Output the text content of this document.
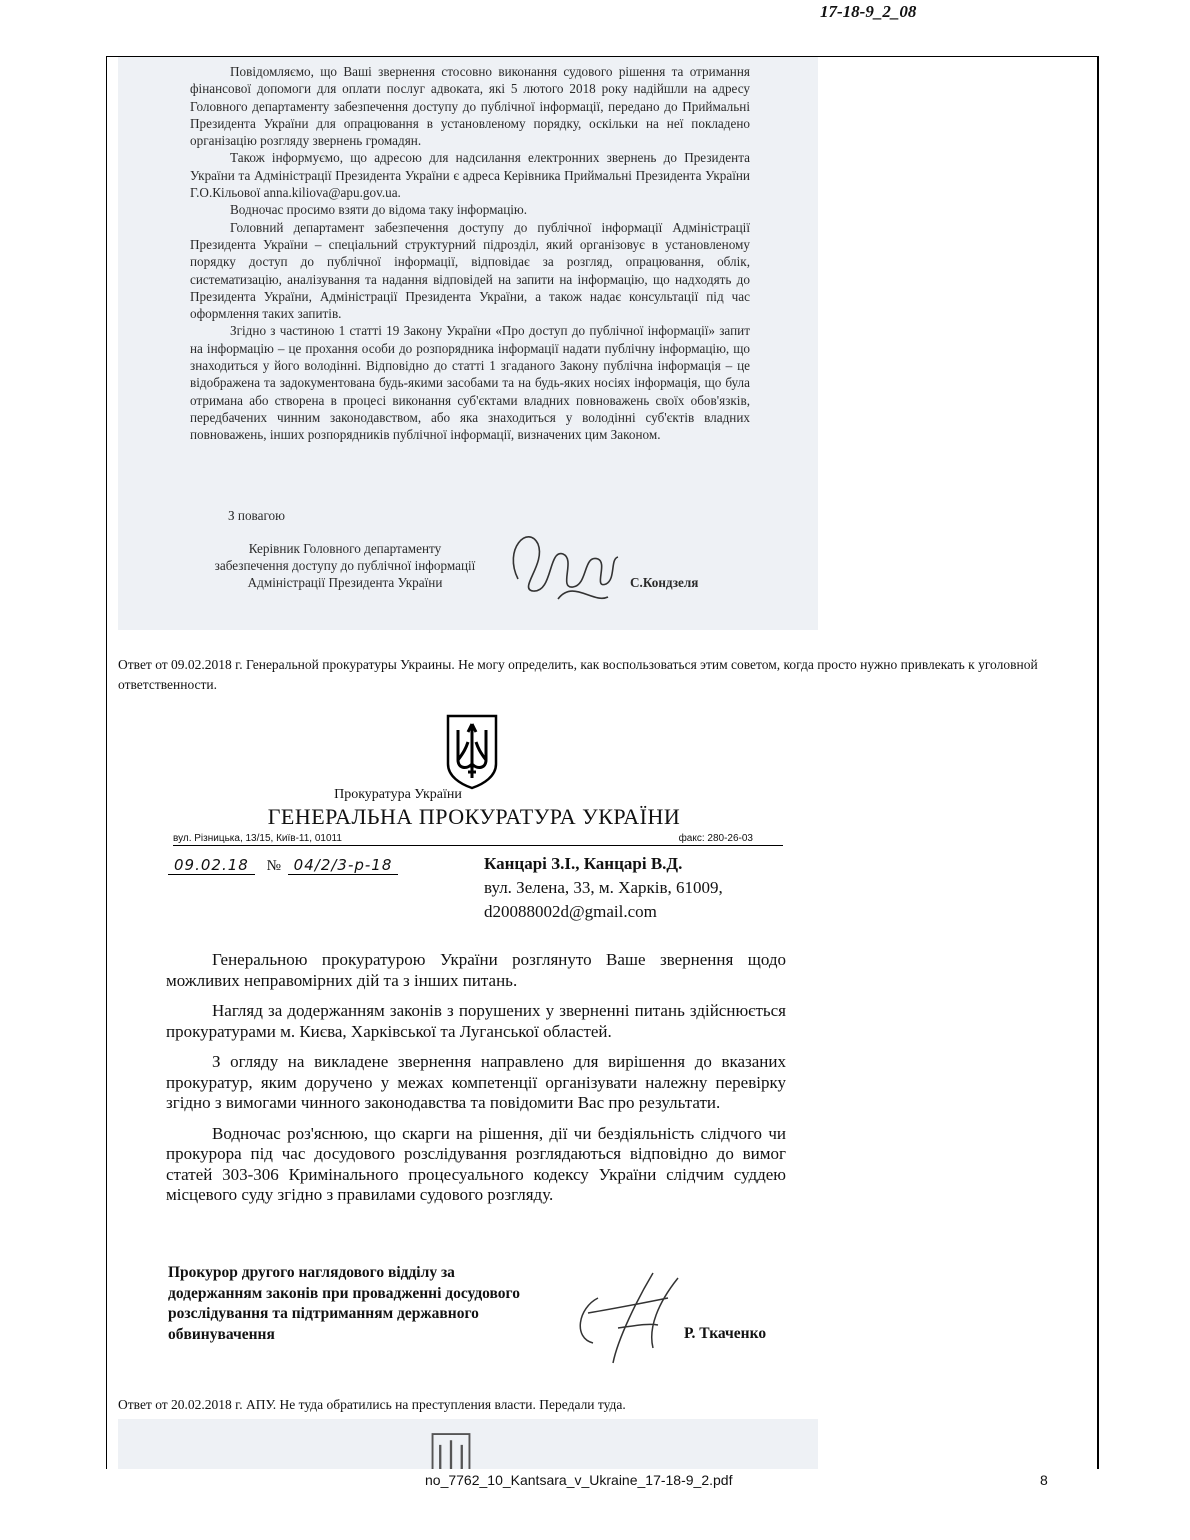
17-18-9_2_08

Повідомляємо, що Ваші звернення стосовно виконання судового рішення та отримання фінансової допомоги для оплати послуг адвоката, які 5 лютого 2018 року надійшли на адресу Головного департаменту забезпечення доступу до публічної інформації, передано до Приймальні Президента України для опрацювання в установленому порядку, оскільки на неї покладено організацію розгляду звернень громадян.

Також інформуємо, що адресою для надсилання електронних звернень до Президента України та Адміністрації Президента України є адреса Керівника Приймальні Президента України Г.О.Кільової anna.kiliova@apu.gov.ua.

Водночас просимо взяти до відома таку інформацію.

Головний департамент забезпечення доступу до публічної інформації Адміністрації Президента України – спеціальний структурний підрозділ, який організовує в установленому порядку доступ до публічної інформації, відповідає за розгляд, опрацювання, облік, систематизацію, аналізування та надання відповідей на запити на інформацію, що надходять до Президента України, Адміністрації Президента України, а також надає консультації під час оформлення таких запитів.

Згідно з частиною 1 статті 19 Закону України «Про доступ до публічної інформації» запит на інформацію – це прохання особи до розпорядника інформації надати публічну інформацію, що знаходиться у його володінні. Відповідно до статті 1 згаданого Закону публічна інформація – це відображена та задокументована будь-якими засобами та на будь-яких носіях інформація, що була отримана або створена в процесі виконання суб'єктами владних повноважень своїх обов'язків, передбачених чинним законодавством, або яка знаходиться у володінні суб'єктів владних повноважень, інших розпорядників публічної інформації, визначених цим Законом.

З повагою
Керівник Головного департаменту
забезпечення доступу до публічної інформації
Адміністрації Президента України	С.Кондзеля
Ответ от 09.02.2018 г. Генеральной прокуратуры Украины. Не могу определить, как воспользоваться этим советом, когда просто нужно привлекать к уголовной ответственности.
Прокуратура України
ГЕНЕРАЛЬНА ПРОКУРАТУРА УКРАЇНИ
вул. Різницька, 13/15, Київ-11, 01011	факс: 280-26-03
09.02.18 № 04/2/3-р-18	Канцарі З.І., Канцарі В.Д.
вул. Зелена, 33, м. Харків, 61009,
d20088002d@gmail.com

Генеральною прокуратурою України розглянуто Ваше звернення щодо можливих неправомірних дій та з інших питань.

Нагляд за додержанням законів з порушених у зверненні питань здійснюється прокуратурами м. Києва, Харківської та Луганської областей.

З огляду на викладене звернення направлено для вирішення до вказаних прокуратур, яким доручено у межах компетенції організувати належну перевірку згідно з вимогами чинного законодавства та повідомити Вас про результати.

Водночас роз'яснюю, що скарги на рішення, дії чи бездіяльність слідчого чи прокурора під час досудового розслідування розглядаються відповідно до вимог статей 303-306 Кримінального процесуального кодексу України слідчим суддею місцевого суду згідно з правилами судового розгляду.

Прокурор другого наглядового відділу за додержанням законів при провадженні досудового розслідування та підтриманням державного обвинувачення	Р. Ткаченко
Ответ от 20.02.2018 г. АПУ. Не туда обратились на преступления власти. Передали туда.
no_7762_10_Kantsara_v_Ukraine_17-18-9_2.pdf	8
